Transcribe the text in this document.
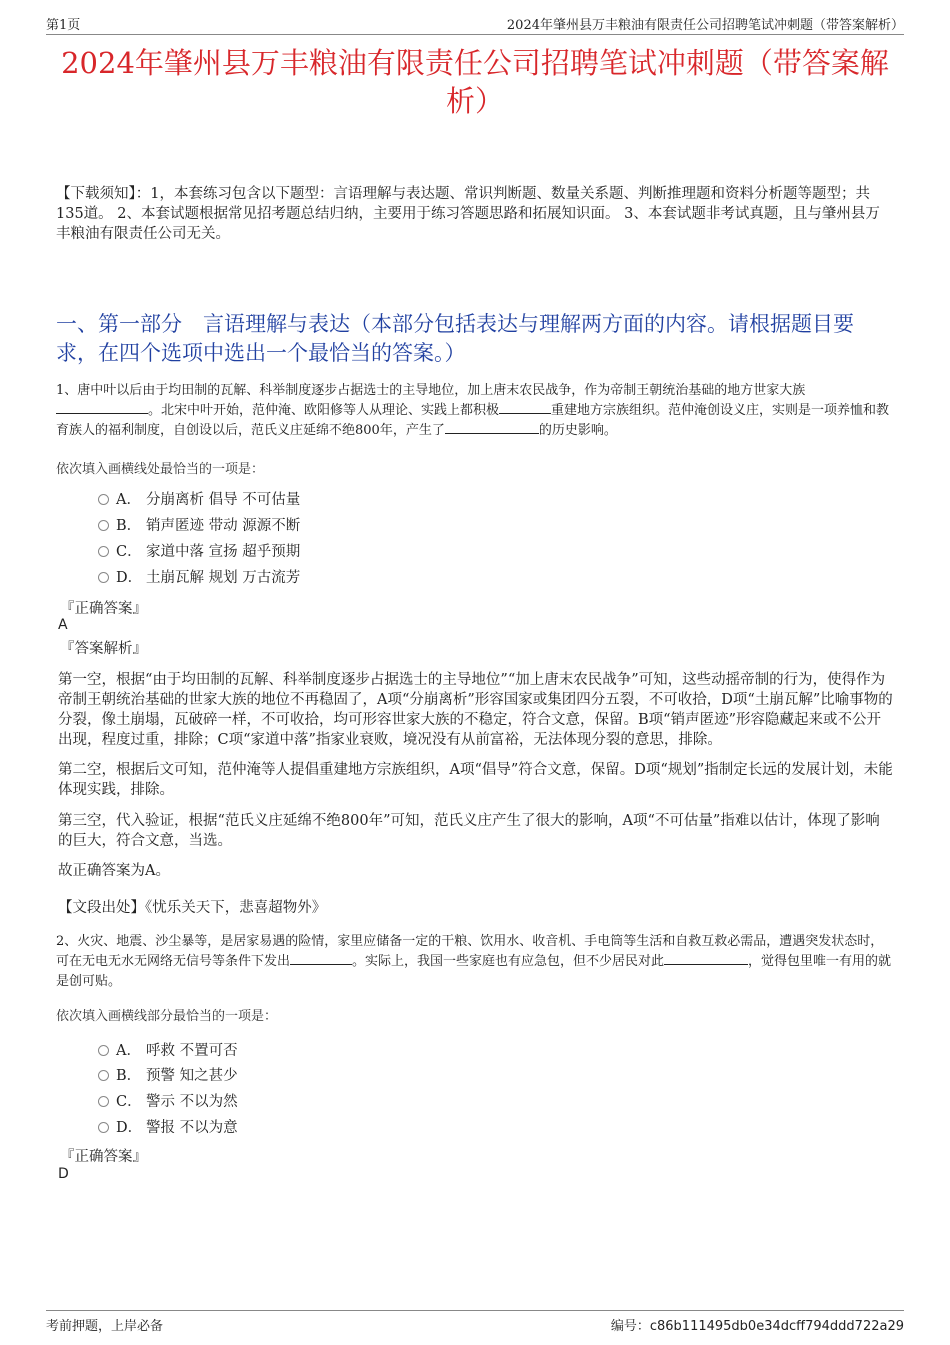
第1页	2024年肇州县万丰粮油有限责任公司招聘笔试冲刺题（带答案解析）
2024年肇州县万丰粮油有限责任公司招聘笔试冲刺题（带答案解析）
【下载须知】：1，本套练习包含以下题型：言语理解与表达题、常识判断题、数量关系题、判断推理题和资料分析题等题型；共135道。 2、本套试题根据常见招考题总结归纳，主要用于练习答题思路和拓展知识面。 3、本套试题非考试真题，且与肇州县万丰粮油有限责任公司无关。
一、第一部分　言语理解与表达（本部分包括表达与理解两方面的内容。请根据题目要求，在四个选项中选出一个最恰当的答案。）
1、唐中叶以后由于均田制的瓦解、科举制度逐步占据选士的主导地位，加上唐末农民战争，作为帝制王朝统治基础的地方世家大族。北宋中叶开始，范仲淹、欧阳修等人从理论、实践上都积极	重建地方宗族组织。范仲淹创设义庄，实则是一项养恤和教育族人的福利制度，自创设以后，范氏义庄延绵不绝800年，产生了	的历史影响。
依次填入画横线处最恰当的一项是：
A． 分崩离析 倡导 不可估量
B． 销声匿迹 带动 源源不断
C． 家道中落 宣扬 超乎预期
D． 土崩瓦解 规划 万古流芳
『正确答案』
A
『答案解析』
第一空，根据“由于均田制的瓦解、科举制度逐步占据选士的主导地位”“加上唐末农民战争”可知，这些动摇帝制的行为，使得作为帝制王朝统治基础的世家大族的地位不再稳固了，A项“分崩离析”形容国家或集团四分五裂，不可收拾，D项“土崩瓦解”比喻事物的分裂，像土崩塌，瓦破碎一样，不可收拾，均可形容世家大族的不稳定，符合文意，保留。B项“销声匿迹”形容隐藏起来或不公开出现，程度过重，排除；C项“家道中落”指家业衰败，境况没有从前富裕，无法体现分裂的意思，排除。
第二空，根据后文可知，范仲淹等人提倡重建地方宗族组织，A项“倡导”符合文意，保留。D项“规划”指制定长远的发展计划，未能体现实践，排除。
第三空，代入验证，根据“范氏义庄延绵不绝800年”可知，范氏义庄产生了很大的影响，A项“不可估量”指难以估计，体现了影响的巨大，符合文意，当选。
故正确答案为A。
【文段出处】《忧乐关天下，悲喜超物外》
2、火灾、地震、沙尘暴等，是居家易遇的险情，家里应储备一定的干粮、饮用水、收音机、手电筒等生活和自救互救必需品，遭遇突发状态时，可在无电无水无网络无信号等条件下发出	。实际上，我国一些家庭也有应急包，但不少居民对此	，觉得包里唯一有用的就是创可贴。
依次填入画横线部分最恰当的一项是：
A． 呼救 不置可否
B． 预警 知之甚少
C． 警示 不以为然
D． 警报 不以为意
『正确答案』
D
考前押题，上岸必备	编号：c86b111495db0e34dcff794ddd722a29
